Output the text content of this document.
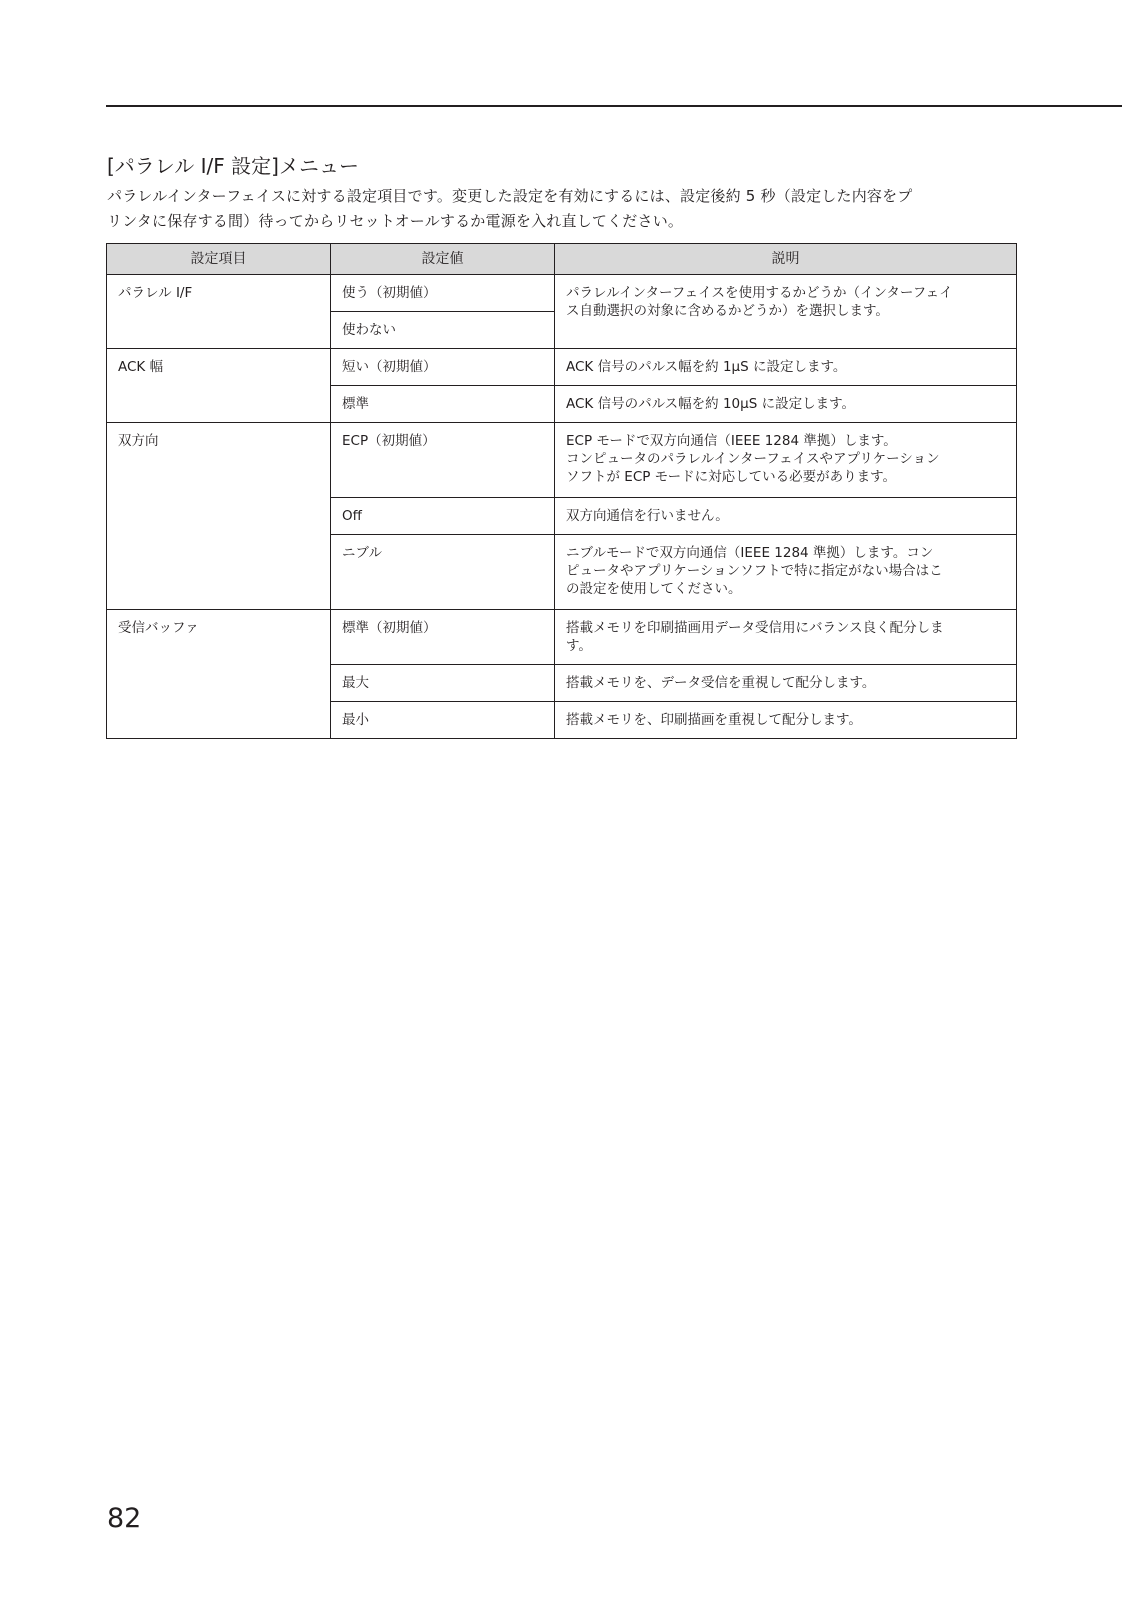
[パラレル I/F 設定]メニュー

パラレルインターフェイスに対する設定項目です。変更した設定を有効にするには、設定後約 5 秒（設定した内容をプ

リンタに保存する間）待ってからリセットオールするか電源を入れ直してください。

設定項目	設定値	説明
パラレル I/F	使う（初期値）	パラレルインターフェイスを使用するかどうか（インターフェイ
ス自動選択の対象に含めるかどうか）を選択します。

	使わない	
ACK 幅	短い（初期値）	ACK 信号のパルス幅を約 1μS に設定します。

	標準	ACK 信号のパルス幅を約 10μS に設定します。

双方向	ECP（初期値）	ECP モードで双方向通信（IEEE 1284 準拠）します。
コンピュータのパラレルインターフェイスやアプリケーション
ソフトが ECP モードに対応している必要があります。

	Off	双方向通信を行いません。

	ニブル	ニブルモードで双方向通信（IEEE 1284 準拠）します。コン
ピュータやアプリケーションソフトで特に指定がない場合はこ
の設定を使用してください。

受信バッファ	標準（初期値）	搭載メモリを印刷描画用データ受信用にバランス良く配分しま
す。

	最大	搭載メモリを、データ受信を重視して配分します。

	最小	搭載メモリを、印刷描画を重視して配分します。
82
